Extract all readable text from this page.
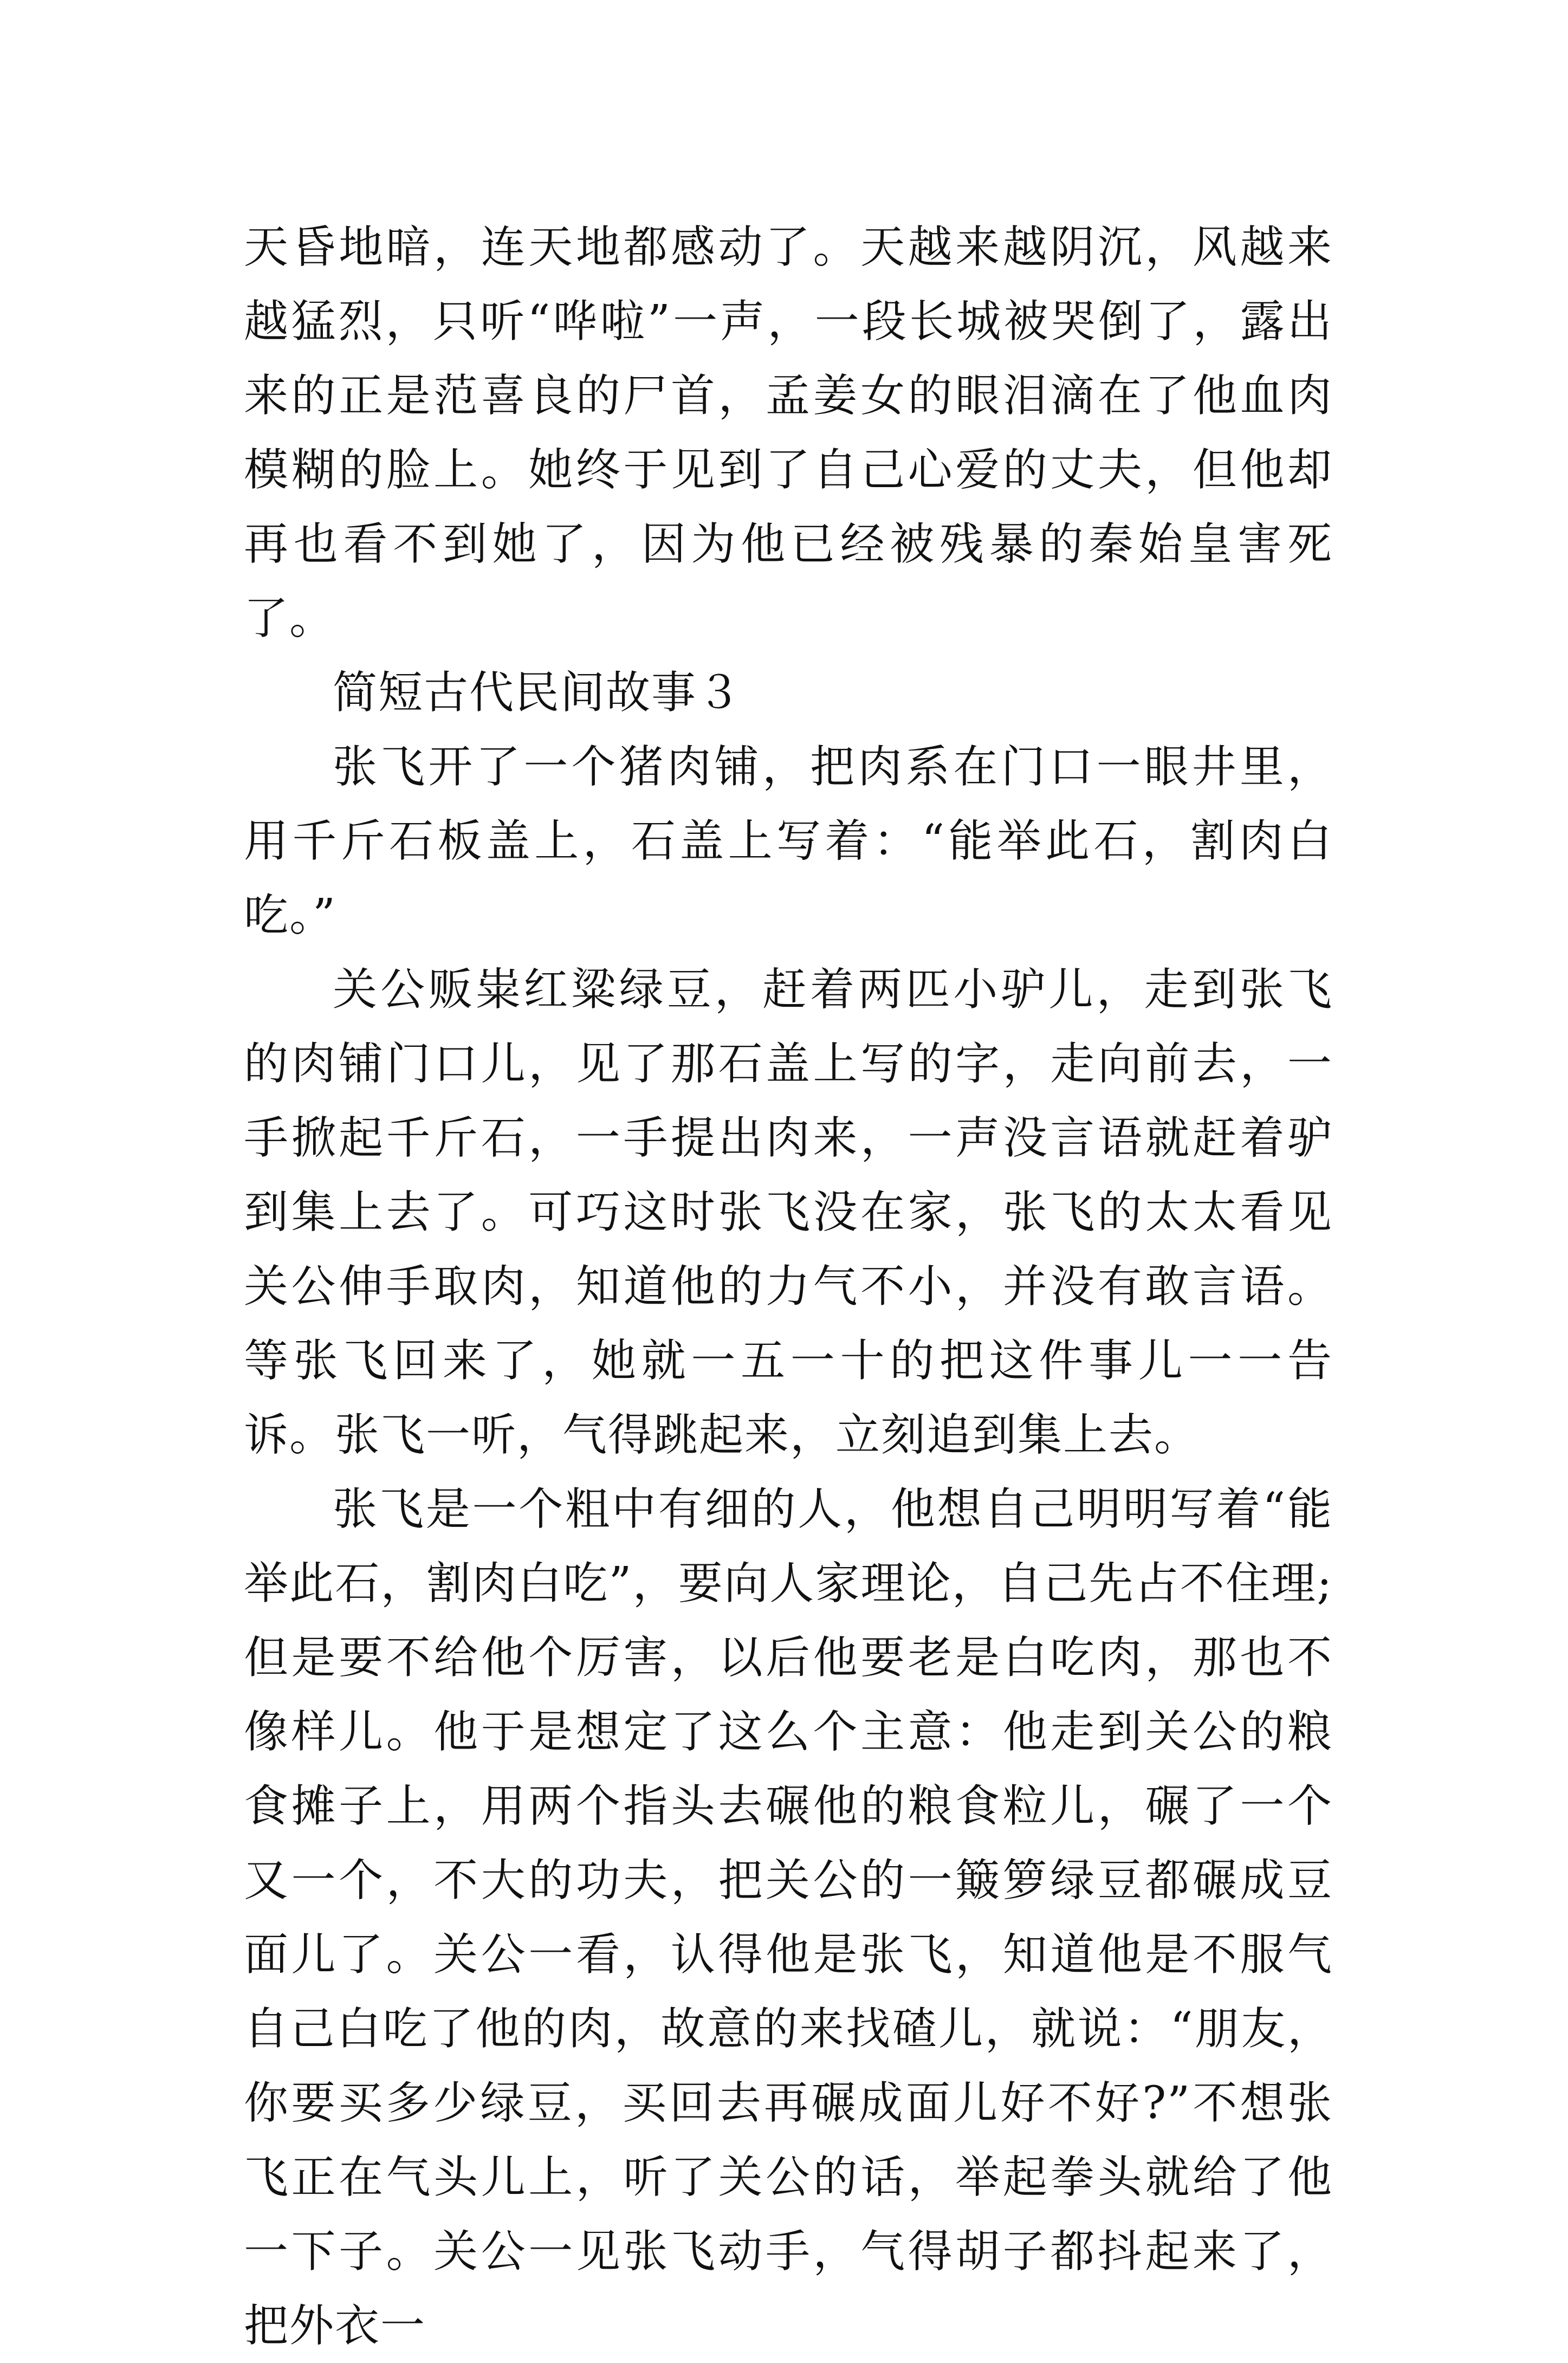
天昏地暗，连天地都感动了。天越来越阴沉，风越来越猛烈，只听“哗啦”一声，一段长城被哭倒了，露出来的正是范喜良的尸首，孟姜女的眼泪滴在了他血肉模糊的脸上。她终于见到了自己心爱的丈夫，但他却再也看不到她了，因为他已经被残暴的秦始皇害死了。

简短古代民间故事３

张飞开了一个猪肉铺，把肉系在门口一眼井里，用千斤石板盖上，石盖上写着：“能举此石，割肉白吃。”

关公贩粜红粱绿豆，赶着两匹小驴儿，走到张飞的肉铺门口儿，见了那石盖上写的字，走向前去，一手掀起千斤石，一手提出肉来，一声没言语就赶着驴到集上去了。可巧这时张飞没在家，张飞的太太看见关公伸手取肉，知道他的力气不小，并没有敢言语。等张飞回来了，她就一五一十的把这件事儿一一告诉。张飞一听，气得跳起来，立刻追到集上去。

张飞是一个粗中有细的人，他想自己明明写着“能举此石，割肉白吃”，要向人家理论，自己先占不住理;但是要不给他个厉害，以后他要老是白吃肉，那也不像样儿。他于是想定了这么个主意：他走到关公的粮食摊子上，用两个指头去碾他的粮食粒儿，碾了一个又一个，不大的功夫，把关公的一簸箩绿豆都碾成豆面儿了。关公一看，认得他是张飞，知道他是不服气自己白吃了他的肉，故意的来找碴儿，就说：“朋友，你要买多少绿豆，买回去再碾成面儿好不好?”不想张飞正在气头儿上，听了关公的话，举起拳头就给了他一下子。关公一见张飞动手，气得胡子都抖起来了，把外衣一
